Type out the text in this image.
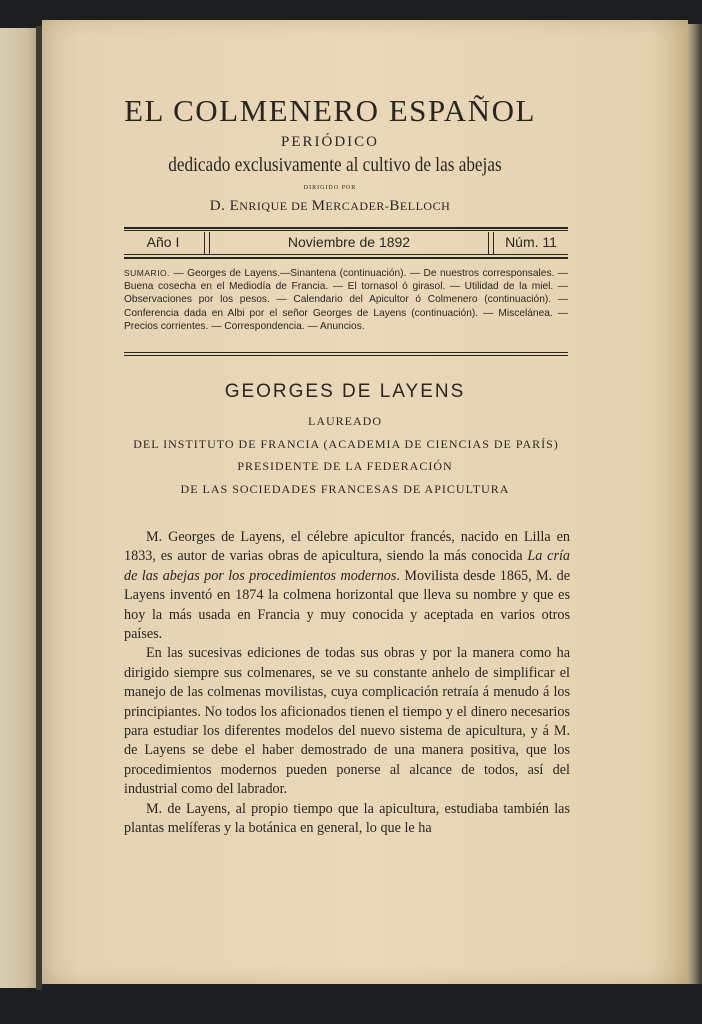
EL COLMENERO ESPAÑOL
PERIÓDICO
dedicado exclusivamente al cultivo de las abejas
DIRIGIDO POR
D. ENRIQUE DE MERCADER-BELLOCH
Año I	Noviembre de 1892	Núm. 11
SUMARIO. — Georges de Layens.—Sinantena (continuación). — De nuestros corresponsales. — Buena cosecha en el Mediodía de Francia. — El tornasol ó girasol. — Utilidad de la miel. — Observaciones por los pesos. — Calendario del Apicultor ó Colmenero (continuación). — Conferencia dada en Albi por el señor Georges de Layens (continuación). — Miscelánea. — Precios corrientes. — Correspondencia. — Anuncios.
GEORGES DE LAYENS
LAUREADO
DEL INSTITUTO DE FRANCIA (ACADEMIA DE CIENCIAS DE PARÍS)
PRESIDENTE DE LA FEDERACIÓN
DE LAS SOCIEDADES FRANCESAS DE APICULTURA

M. Georges de Layens, el célebre apicultor francés, nacido en Lilla en 1833, es autor de varias obras de apicultura, siendo la más conocida La cría de las abejas por los procedimientos modernos. Movilista desde 1865, M. de Layens inventó en 1874 la colmena horizontal que lleva su nombre y que es hoy la más usada en Francia y muy conocida y aceptada en varios otros países.

En las sucesivas ediciones de todas sus obras y por la manera como ha dirigido siempre sus colmenares, se ve su constante anhelo de simplificar el manejo de las colmenas movilistas, cuya complicación retraía á menudo á los principiantes. No todos los aficionados tienen el tiempo y el dinero necesarios para estudiar los diferentes modelos del nuevo sistema de apicultura, y á M. de Layens se debe el haber demostrado de una manera positiva, que los procedimientos modernos pueden ponerse al alcance de todos, así del industrial como del labrador.

M. de Layens, al propio tiempo que la apicultura, estudiaba también las plantas melíferas y la botánica en general, lo que le ha
